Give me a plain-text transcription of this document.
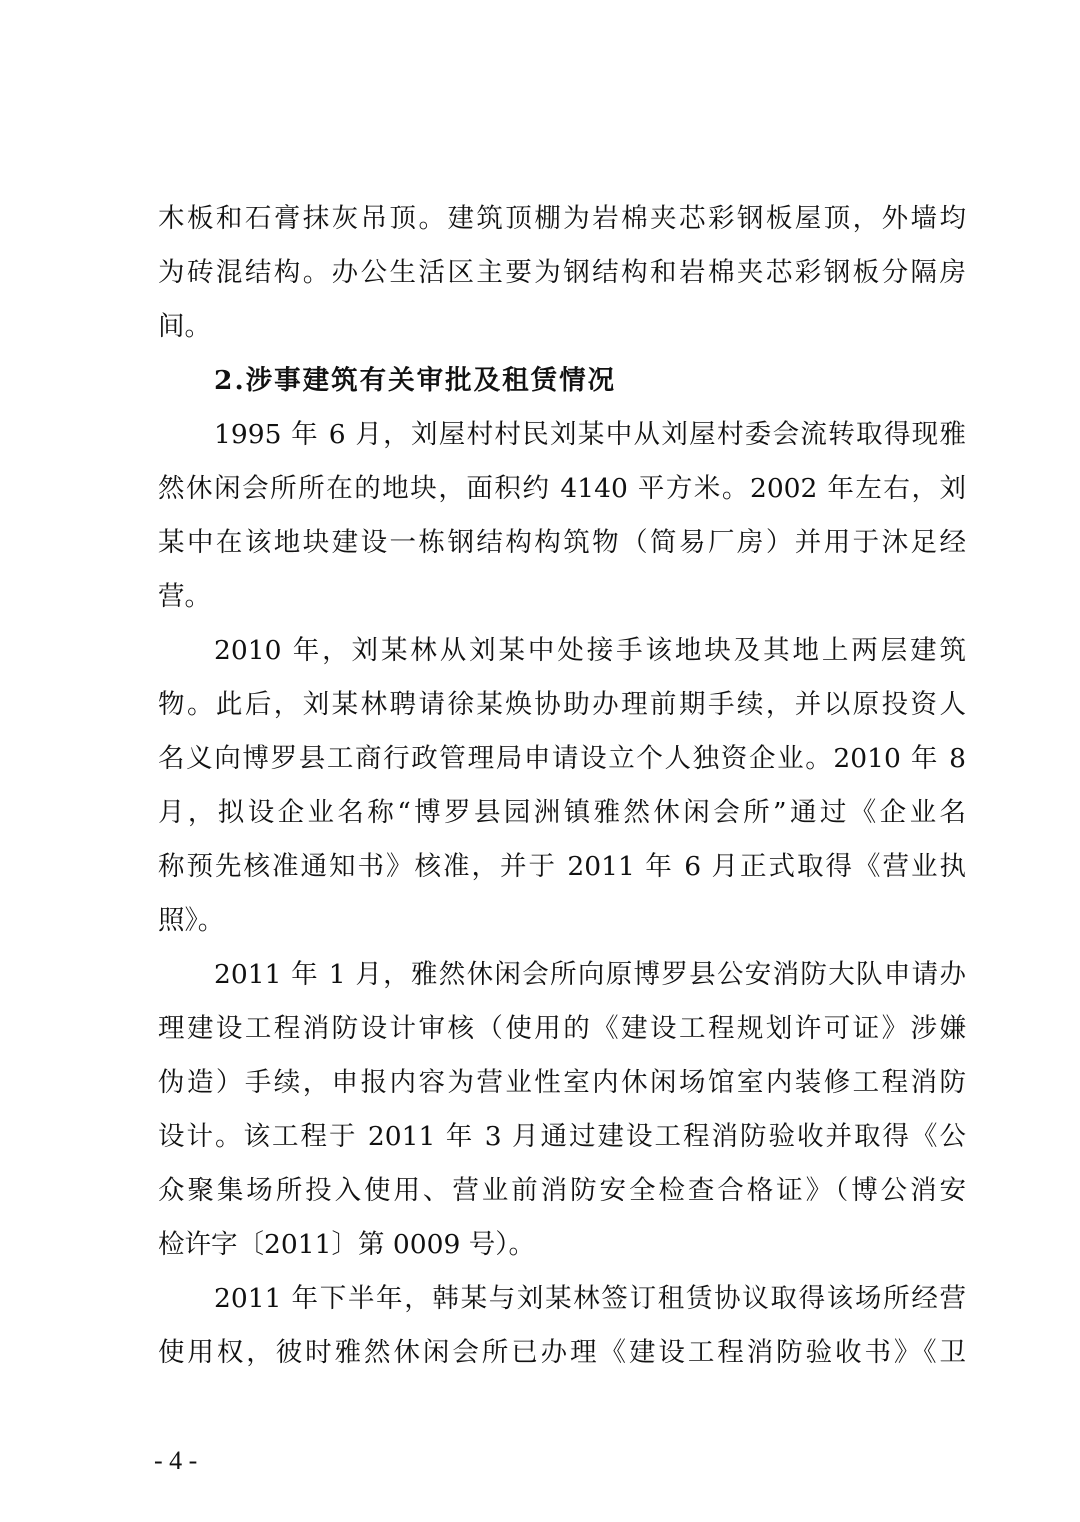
木板和石膏抹灰吊顶。建筑顶棚为岩棉夹芯彩钢板屋顶，外墙均
为砖混结构。办公生活区主要为钢结构和岩棉夹芯彩钢板分隔房
间。
2.涉事建筑有关审批及租赁情况
1995 年 6 月，刘屋村村民刘某中从刘屋村委会流转取得现雅
然休闲会所所在的地块，面积约 4140 平方米。2002 年左右，刘
某中在该地块建设一栋钢结构构筑物（简易厂房）并用于沐足经
营。
2010 年，刘某林从刘某中处接手该地块及其地上两层建筑
物。此后，刘某林聘请徐某焕协助办理前期手续，并以原投资人
名义向博罗县工商行政管理局申请设立个人独资企业。2010 年 8
月，拟设企业名称“博罗县园洲镇雅然休闲会所”通过《企业名
称预先核准通知书》核准，并于 2011 年 6 月正式取得《营业执
照》。
2011 年 1 月，雅然休闲会所向原博罗县公安消防大队申请办
理建设工程消防设计审核（使用的《建设工程规划许可证》涉嫌
伪造）手续，申报内容为营业性室内休闲场馆室内装修工程消防
设计。该工程于 2011 年 3 月通过建设工程消防验收并取得《公
众聚集场所投入使用、营业前消防安全检查合格证》（博公消安
检许字〔2011〕第 0009 号）。
2011 年下半年，韩某与刘某林签订租赁协议取得该场所经营
使用权，彼时雅然休闲会所已办理《建设工程消防验收书》《卫
- 4 -
